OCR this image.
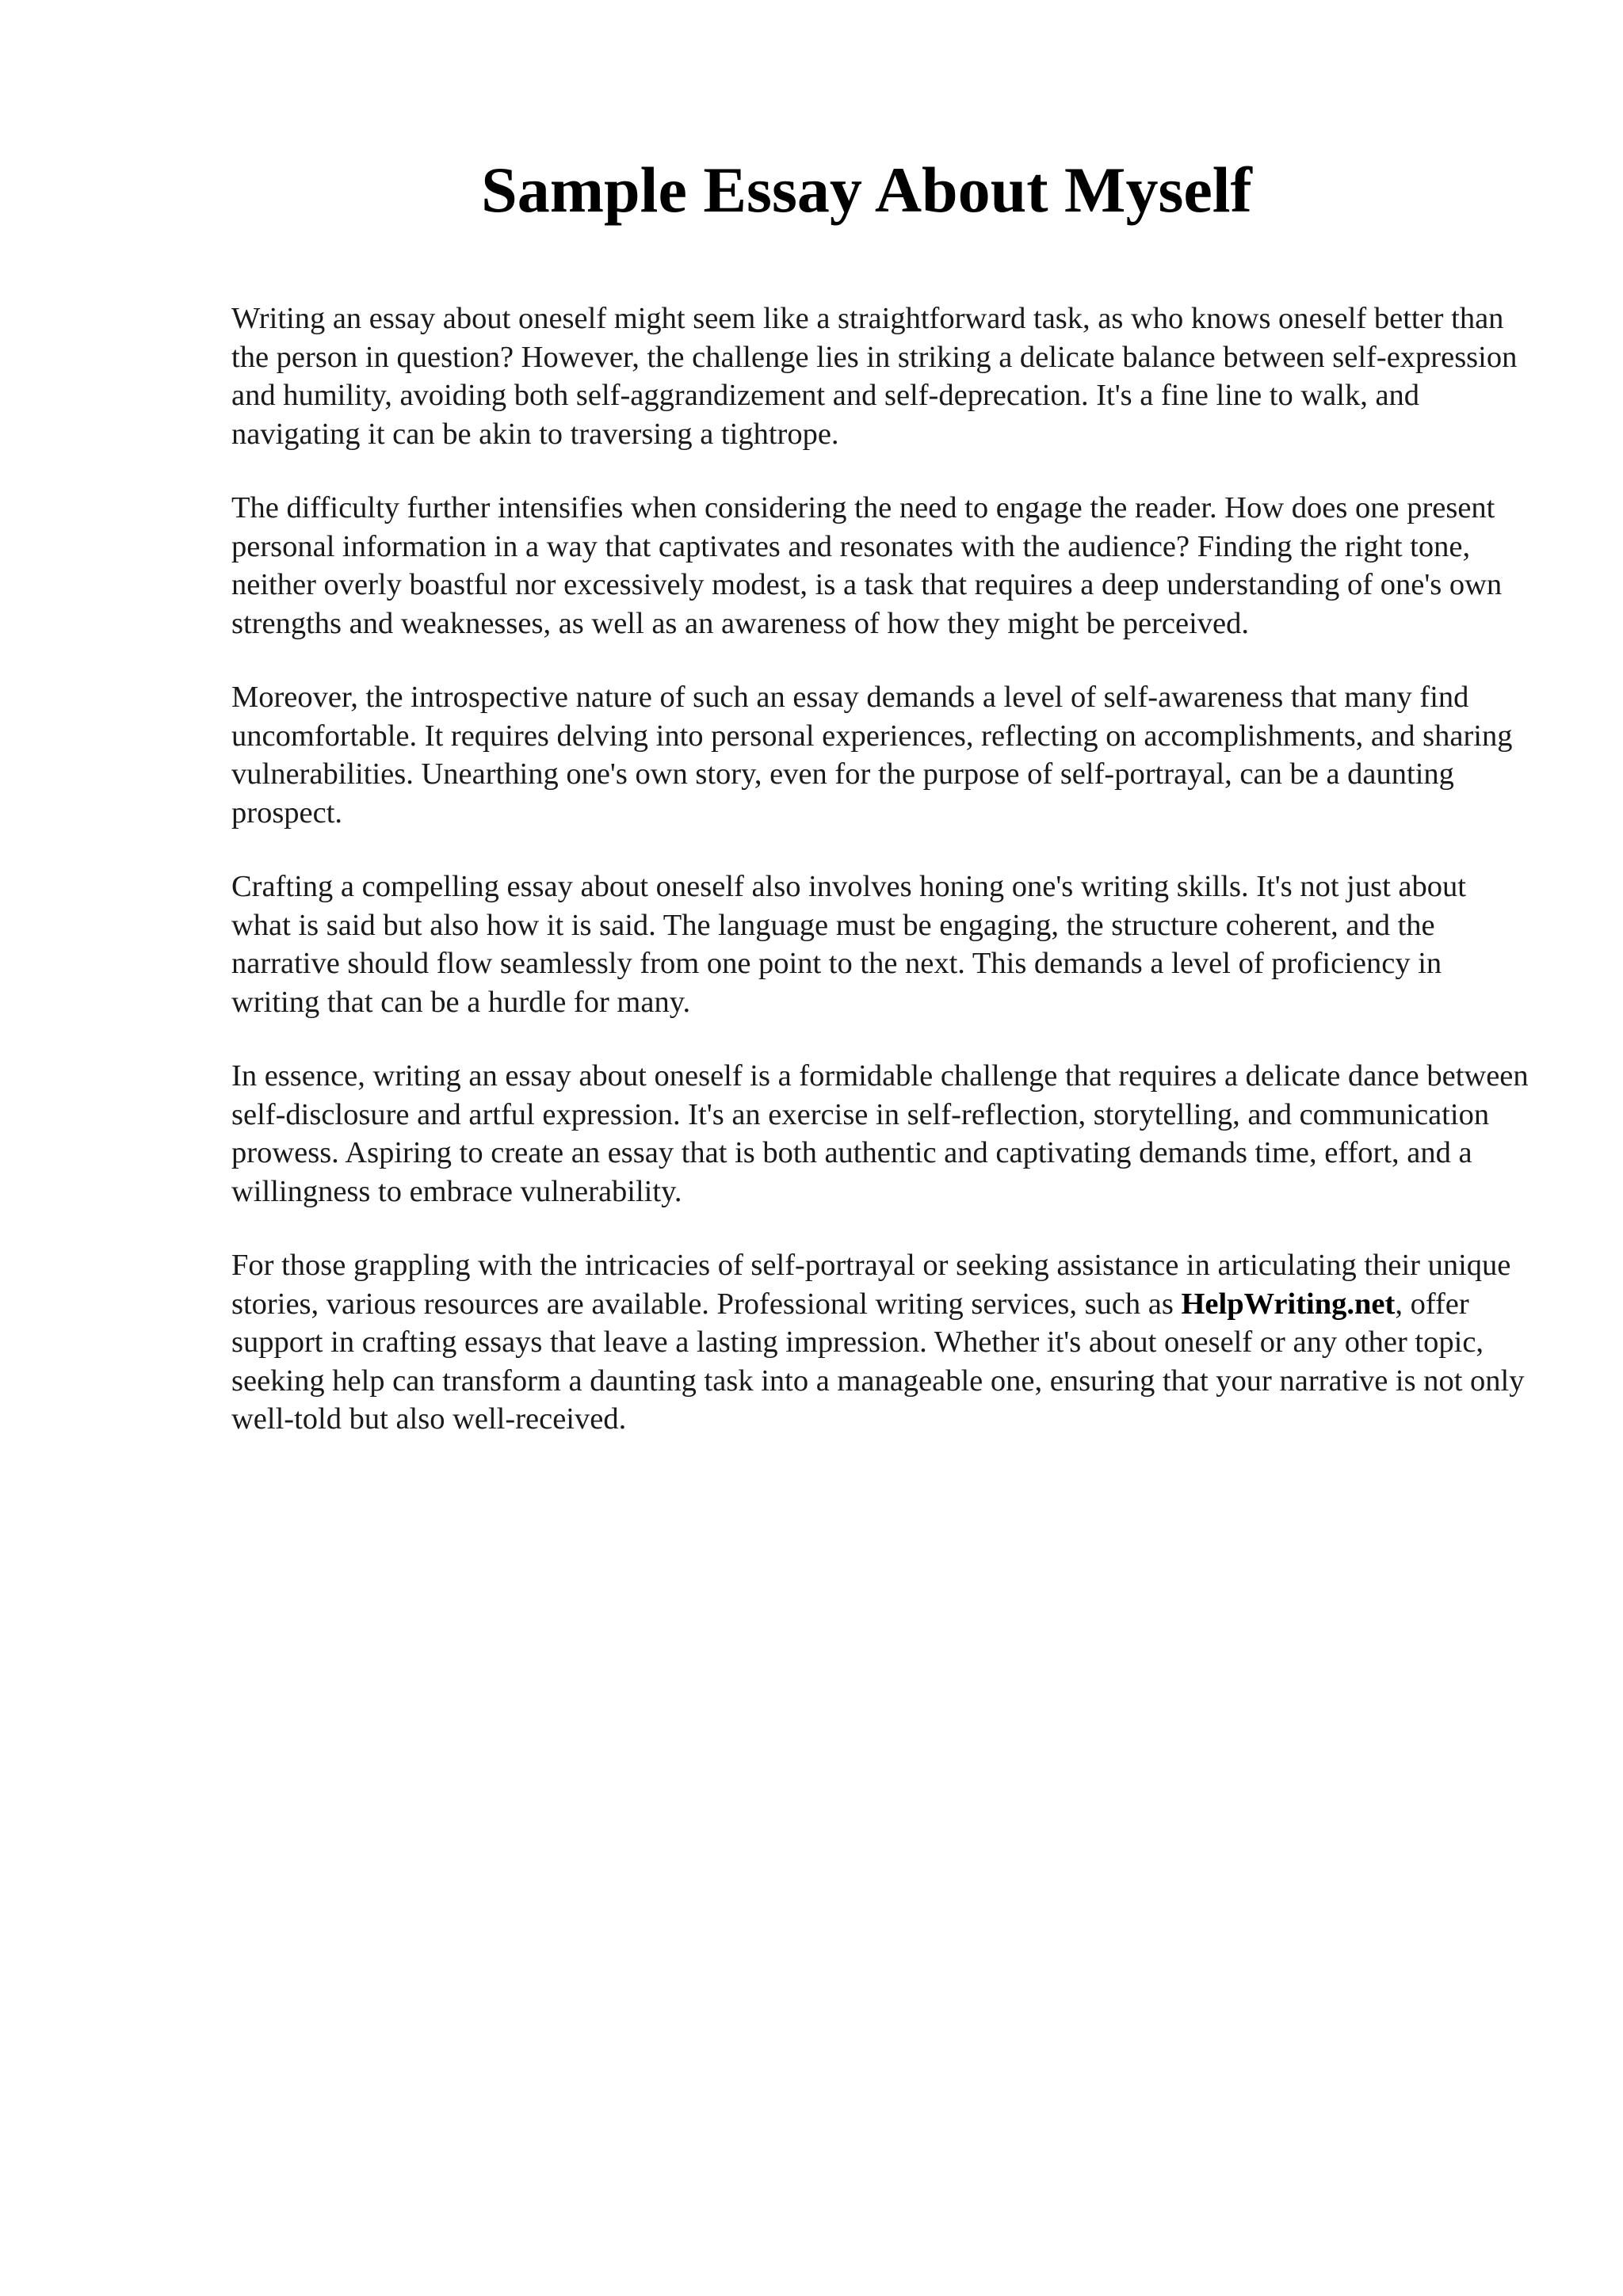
Sample Essay About Myself

Writing an essay about oneself might seem like a straightforward task, as who knows oneself better than the person in question? However, the challenge lies in striking a delicate balance between self-expression and humility, avoiding both self-aggrandizement and self-deprecation. It's a fine line to walk, and navigating it can be akin to traversing a tightrope.

The difficulty further intensifies when considering the need to engage the reader. How does one present personal information in a way that captivates and resonates with the audience? Finding the right tone, neither overly boastful nor excessively modest, is a task that requires a deep understanding of one's own strengths and weaknesses, as well as an awareness of how they might be perceived.

Moreover, the introspective nature of such an essay demands a level of self-awareness that many find uncomfortable. It requires delving into personal experiences, reflecting on accomplishments, and sharing vulnerabilities. Unearthing one's own story, even for the purpose of self-portrayal, can be a daunting prospect.

Crafting a compelling essay about oneself also involves honing one's writing skills. It's not just about what is said but also how it is said. The language must be engaging, the structure coherent, and the narrative should flow seamlessly from one point to the next. This demands a level of proficiency in writing that can be a hurdle for many.

In essence, writing an essay about oneself is a formidable challenge that requires a delicate dance between self-disclosure and artful expression. It's an exercise in self-reflection, storytelling, and communication prowess. Aspiring to create an essay that is both authentic and captivating demands time, effort, and a willingness to embrace vulnerability.

For those grappling with the intricacies of self-portrayal or seeking assistance in articulating their unique stories, various resources are available. Professional writing services, such as HelpWriting.net, offer support in crafting essays that leave a lasting impression. Whether it's about oneself or any other topic, seeking help can transform a daunting task into a manageable one, ensuring that your narrative is not only well-told but also well-received.
